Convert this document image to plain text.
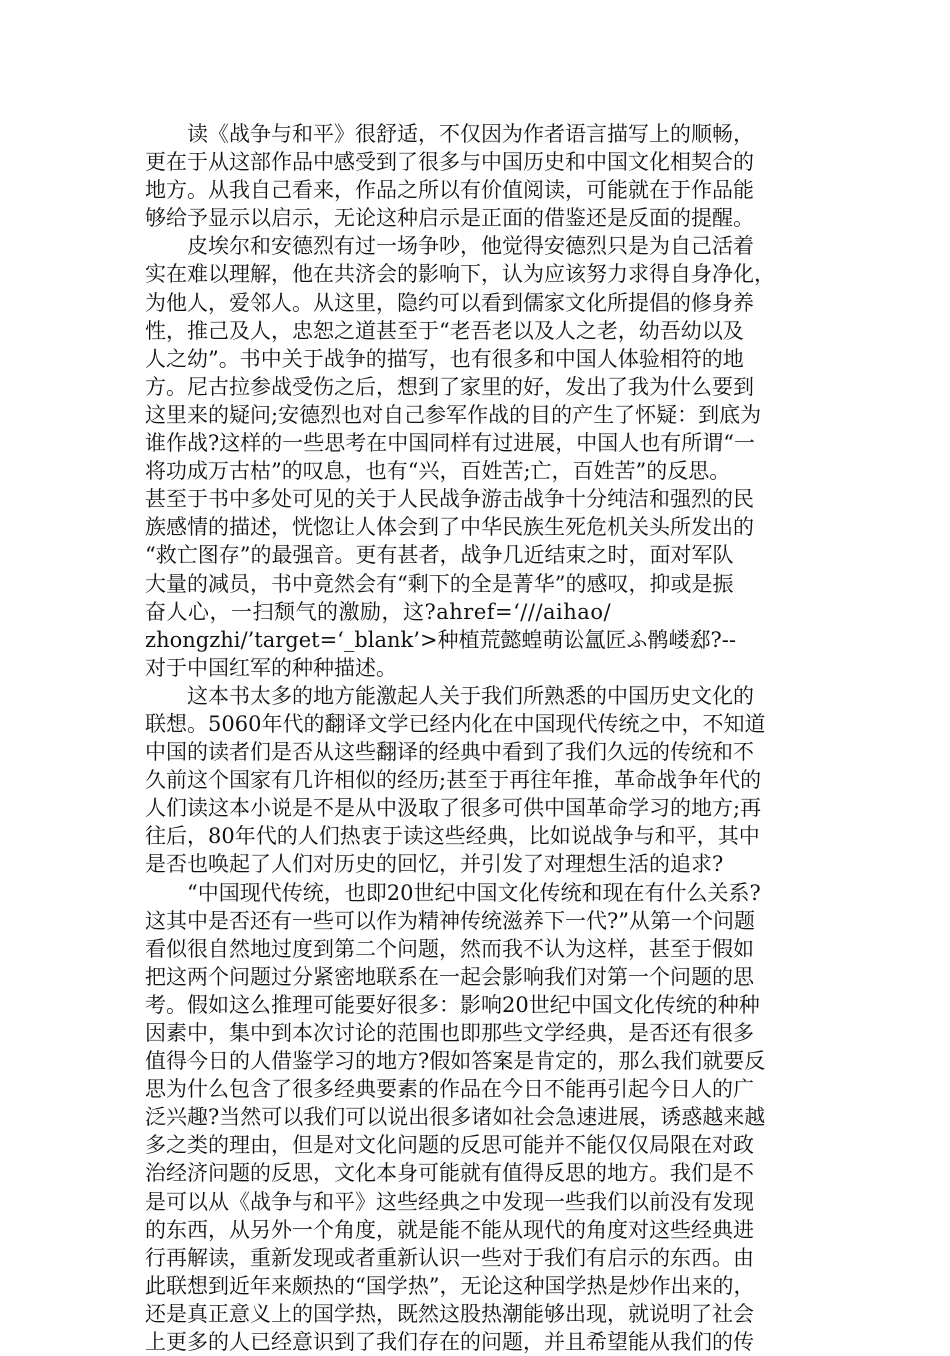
读《战争与和平》很舒适，不仅因为作者语言描写上的顺畅，
更在于从这部作品中感受到了很多与中国历史和中国文化相契合的
地方。从我自己看来，作品之所以有价值阅读，可能就在于作品能
够给予显示以启示，无论这种启示是正面的借鉴还是反面的提醒。
皮埃尔和安德烈有过一场争吵，他觉得安德烈只是为自己活着
实在难以理解，他在共济会的影响下，认为应该努力求得自身净化，
为他人，爱邻人。从这里，隐约可以看到儒家文化所提倡的修身养
性，推己及人，忠恕之道甚至于“老吾老以及人之老，幼吾幼以及
人之幼”。书中关于战争的描写，也有很多和中国人体验相符的地
方。尼古拉参战受伤之后，想到了家里的好，发出了我为什么要到
这里来的疑问;安德烈也对自己参军作战的目的产生了怀疑：到底为
谁作战?这样的一些思考在中国同样有过进展，中国人也有所谓“一
将功成万古枯”的叹息，也有“兴，百姓苦;亡，百姓苦”的反思。
甚至于书中多处可见的关于人民战争游击战争十分纯洁和强烈的民
族感情的描述，恍惚让人体会到了中华民族生死危机关头所发出的
“救亡图存”的最强音。更有甚者，战争几近结束之时，面对军队
大量的减员，书中竟然会有“剩下的全是菁华”的感叹，抑或是振
奋人心，一扫颓气的激励，这?ahref=‘///aihao/
zhongzhi/’target=‘_blank’>种植荒懿蝗萌讼氲匠ふ鹘嵝郄?--
对于中国红军的种种描述。
这本书太多的地方能激起人关于我们所熟悉的中国历史文化的
联想。5060年代的翻译文学已经内化在中国现代传统之中，不知道
中国的读者们是否从这些翻译的经典中看到了我们久远的传统和不
久前这个国家有几许相似的经历;甚至于再往年推，革命战争年代的
人们读这本小说是不是从中汲取了很多可供中国革命学习的地方;再
往后，80年代的人们热衷于读这些经典，比如说战争与和平，其中
是否也唤起了人们对历史的回忆，并引发了对理想生活的追求?
“中国现代传统，也即20世纪中国文化传统和现在有什么关系?
这其中是否还有一些可以作为精神传统滋养下一代?”从第一个问题
看似很自然地过度到第二个问题，然而我不认为这样，甚至于假如
把这两个问题过分紧密地联系在一起会影响我们对第一个问题的思
考。假如这么推理可能要好很多：影响20世纪中国文化传统的种种
因素中，集中到本次讨论的范围也即那些文学经典，是否还有很多
值得今日的人借鉴学习的地方?假如答案是肯定的，那么我们就要反
思为什么包含了很多经典要素的作品在今日不能再引起今日人的广
泛兴趣?当然可以我们可以说出很多诸如社会急速进展，诱惑越来越
多之类的理由，但是对文化问题的反思可能并不能仅仅局限在对政
治经济问题的反思，文化本身可能就有值得反思的地方。我们是不
是可以从《战争与和平》这些经典之中发现一些我们以前没有发现
的东西，从另外一个角度，就是能不能从现代的角度对这些经典进
行再解读，重新发现或者重新认识一些对于我们有启示的东西。由
此联想到近年来颇热的“国学热”，无论这种国学热是炒作出来的，
还是真正意义上的国学热，既然这股热潮能够出现，就说明了社会
上更多的人已经意识到了我们存在的问题，并且希望能从我们的传
